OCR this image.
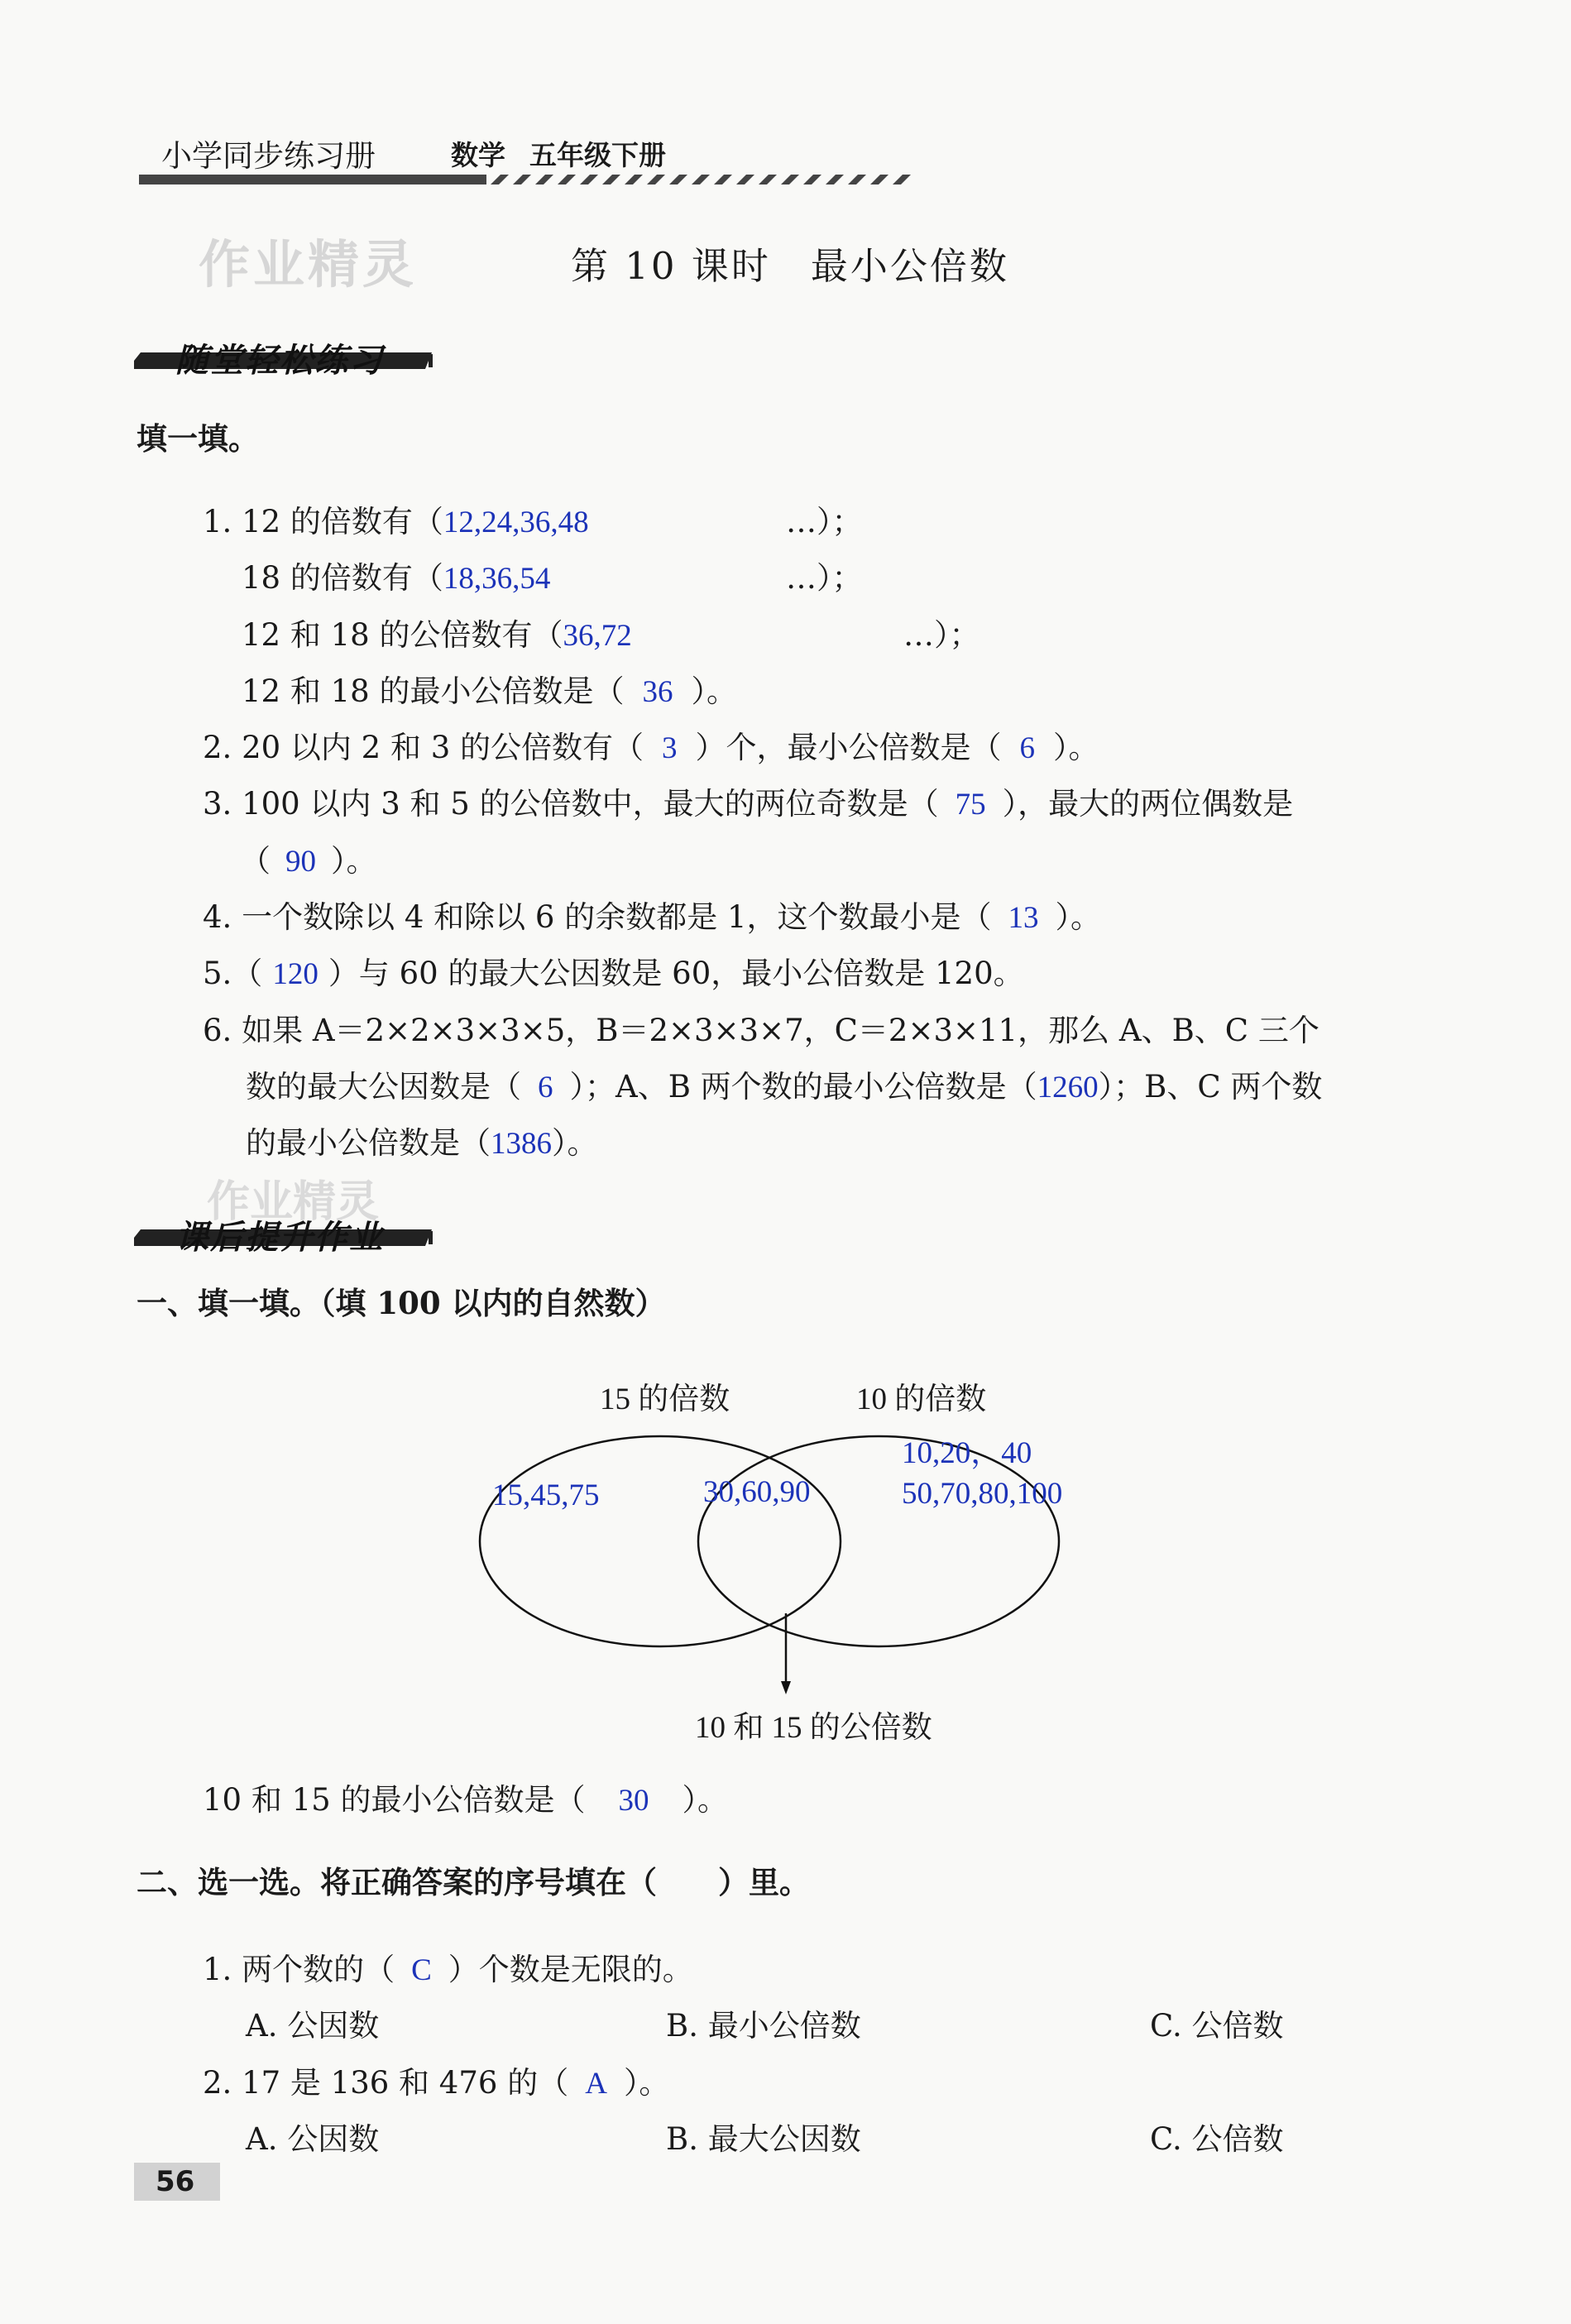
小学同步练习册	数学 五年级下册
作业精灵	第 10 课时　最小公倍数
随堂轻松练习
填一填。
1. 12 的倍数有（12,24,36,48	…）；
18 的倍数有（18,36,54	…）；
12 和 18 的公倍数有（36,72	…）；
12 和 18 的最小公倍数是（ 36 ）。
2. 20 以内 2 和 3 的公倍数有（ 3 ）个，最小公倍数是（ 6 ）。
3. 100 以内 3 和 5 的公倍数中，最大的两位奇数是（ 75 ），最大的两位偶数是
（ 90 ）。
4. 一个数除以 4 和除以 6 的余数都是 1，这个数最小是（ 13 ）。
5.（ 120 ）与 60 的最大公因数是 60，最小公倍数是 120。
6. 如果 A＝2×2×3×3×5，B＝2×3×3×7，C＝2×3×11，那么 A、B、C 三个
数的最大公因数是（ 6 ）；A、B 两个数的最小公倍数是（1260）；B、C 两个数
的最小公倍数是（1386）。
作业精灵
课后提升作业
一、填一填。（填 100 以内的自然数）
15 的倍数	10 的倍数
15,45,75	30,60,90
10,20，40
50,70,80,100
10 和 15 的公倍数
10 和 15 的最小公倍数是（ 30 ）。
二、选一选。将正确答案的序号填在（　　）里。
1. 两个数的（ C ）个数是无限的。
A. 公因数	B. 最小公倍数	C. 公倍数
2. 17 是 136 和 476 的（ A ）。
A. 公因数	B. 最大公因数	C. 公倍数
56
